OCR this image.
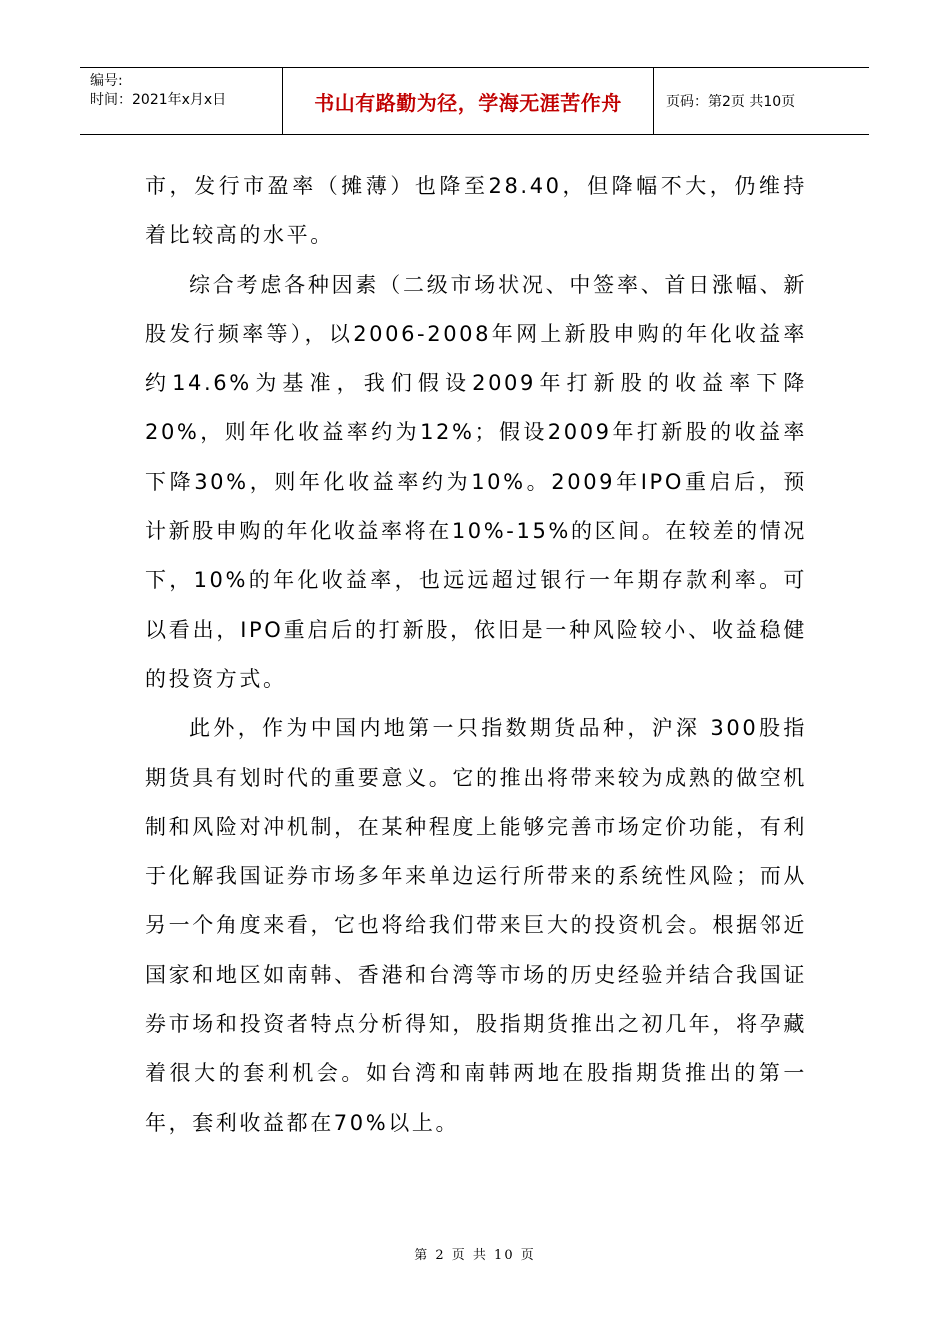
编号:
时间：2021年x月x日	书山有路勤为径，学海无涯苦作舟	页码：第2页 共10页

市，发行市盈率（摊薄）也降至28.40，但降幅不大，仍维持着比较高的水平。

综合考虑各种因素（二级市场状况、中签率、首日涨幅、新股发行频率等），以2006-2008年网上新股申购的年化收益率约14.6%为基准，我们假设2009年打新股的收益率下降20%，则年化收益率约为12%；假设2009年打新股的收益率下降30%，则年化收益率约为10%。2009年IPO重启后，预计新股申购的年化收益率将在10%-15%的区间。在较差的情况下，10%的年化收益率，也远远超过银行一年期存款利率。可以看出，IPO重启后的打新股，依旧是一种风险较小、收益稳健的投资方式。

此外，作为中国内地第一只指数期货品种，沪深 300股指期货具有划时代的重要意义。它的推出将带来较为成熟的做空机制和风险对冲机制，在某种程度上能够完善市场定价功能，有利于化解我国证券市场多年来单边运行所带来的系统性风险；而从另一个角度来看，它也将给我们带来巨大的投资机会。根据邻近国家和地区如南韩、香港和台湾等市场的历史经验并结合我国证券市场和投资者特点分析得知，股指期货推出之初几年，将孕藏着很大的套利机会。如台湾和南韩两地在股指期货推出的第一年，套利收益都在70%以上。

第 2 页 共 10 页
